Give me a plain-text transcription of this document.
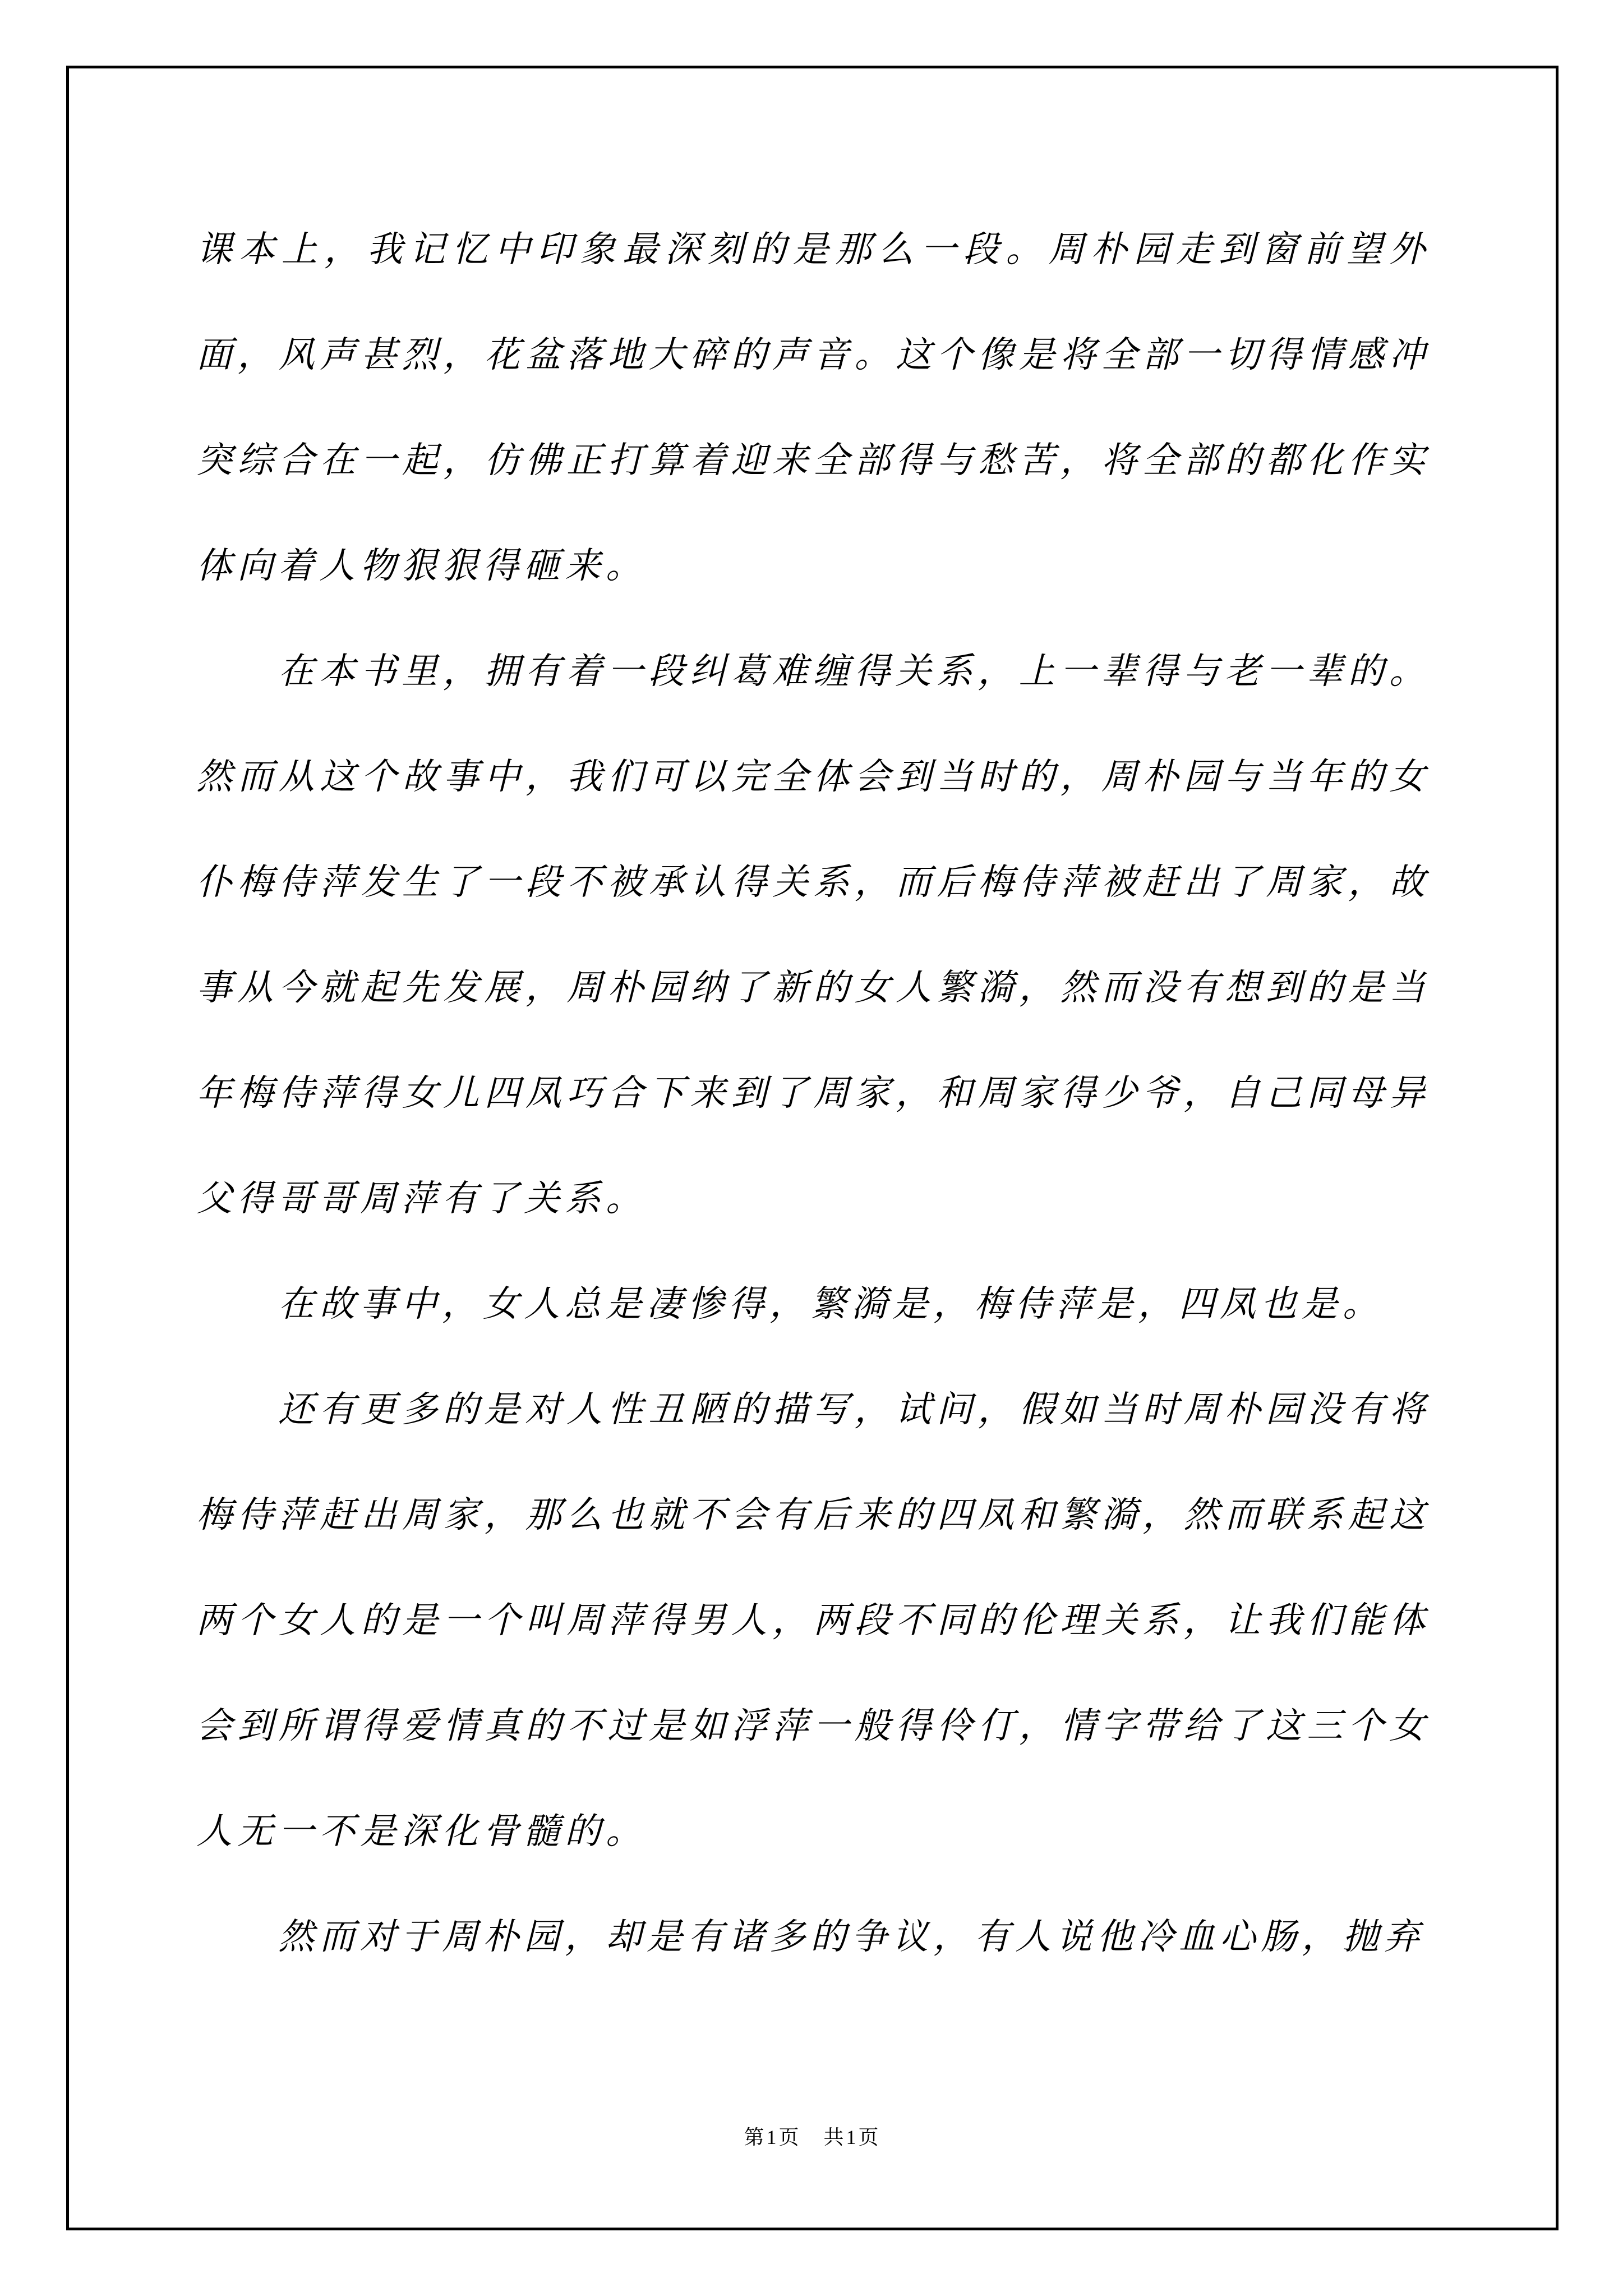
课本上，我记忆中印象最深刻的是那么一段。周朴园走到窗前望外面，风声甚烈，花盆落地大碎的声音。这个像是将全部一切得情感冲突综合在一起，仿佛正打算着迎来全部得与愁苦，将全部的都化作实体向着人物狠狠得砸来。

在本书里，拥有着一段纠葛难缠得关系，上一辈得与老一辈的。然而从这个故事中，我们可以完全体会到当时的，周朴园与当年的女仆梅侍萍发生了一段不被承认得关系，而后梅侍萍被赶出了周家，故事从今就起先发展，周朴园纳了新的女人繁漪，然而没有想到的是当年梅侍萍得女儿四凤巧合下来到了周家，和周家得少爷，自己同母异父得哥哥周萍有了关系。

在故事中，女人总是凄惨得，繁漪是，梅侍萍是，四凤也是。

还有更多的是对人性丑陋的描写，试问，假如当时周朴园没有将梅侍萍赶出周家，那么也就不会有后来的四凤和繁漪，然而联系起这两个女人的是一个叫周萍得男人，两段不同的伦理关系，让我们能体会到所谓得爱情真的不过是如浮萍一般得伶仃，情字带给了这三个女人无一不是深化骨髓的。

然而对于周朴园，却是有诸多的争议，有人说他冷血心肠，抛弃

第1页　共1页
